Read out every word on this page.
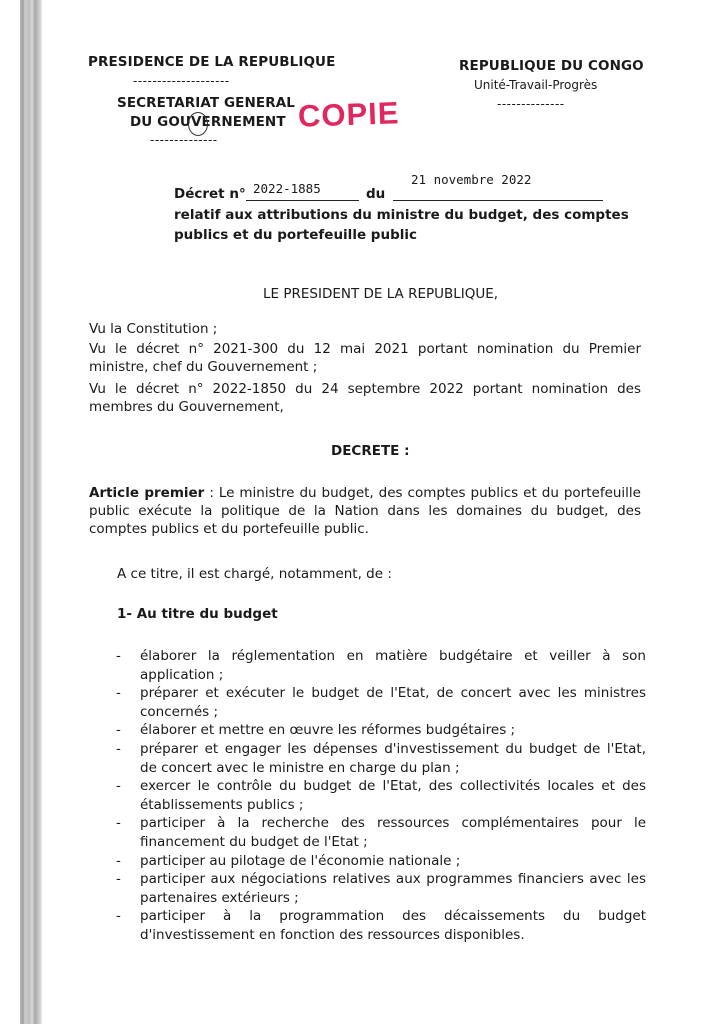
PRESIDENCE DE LA REPUBLIQUE
--------------------
SECRETARIAT GENERAL
DU GOUVERNEMENT
--------------
REPUBLIQUE DU CONGO
Unité-Travail-Progrès
--------------
COPIE
Décret n° 2022-1885	du
21 novembre 2022
relatif aux attributions du ministre du budget, des comptes
publics et du portefeuille public
LE PRESIDENT DE LA REPUBLIQUE,
Vu la Constitution ;
Vu le décret n° 2021-300 du 12 mai 2021 portant nomination du Premier ministre, chef du Gouvernement ;
Vu le décret n° 2022-1850 du 24 septembre 2022 portant nomination des membres du Gouvernement,
DECRETE :
Article premier : Le ministre du budget, des comptes publics et du portefeuille public exécute la politique de la Nation dans les domaines du budget, des comptes publics et du portefeuille public.
A ce titre, il est chargé, notamment, de :
1- Au titre du budget
- élaborer la réglementation en matière budgétaire et veiller à son application ;
- préparer et exécuter le budget de l'Etat, de concert avec les ministres concernés ;
- élaborer et mettre en œuvre les réformes budgétaires ;
- préparer et engager les dépenses d'investissement du budget de l'Etat, de concert avec le ministre en charge du plan ;
- exercer le contrôle du budget de l'Etat, des collectivités locales et des établissements publics ;
- participer à la recherche des ressources complémentaires pour le financement du budget de l'Etat ;
- participer au pilotage de l'économie nationale ;
- participer aux négociations relatives aux programmes financiers avec les partenaires extérieurs ;
- participer à la programmation des décaissements du budget d'investissement en fonction des ressources disponibles.
